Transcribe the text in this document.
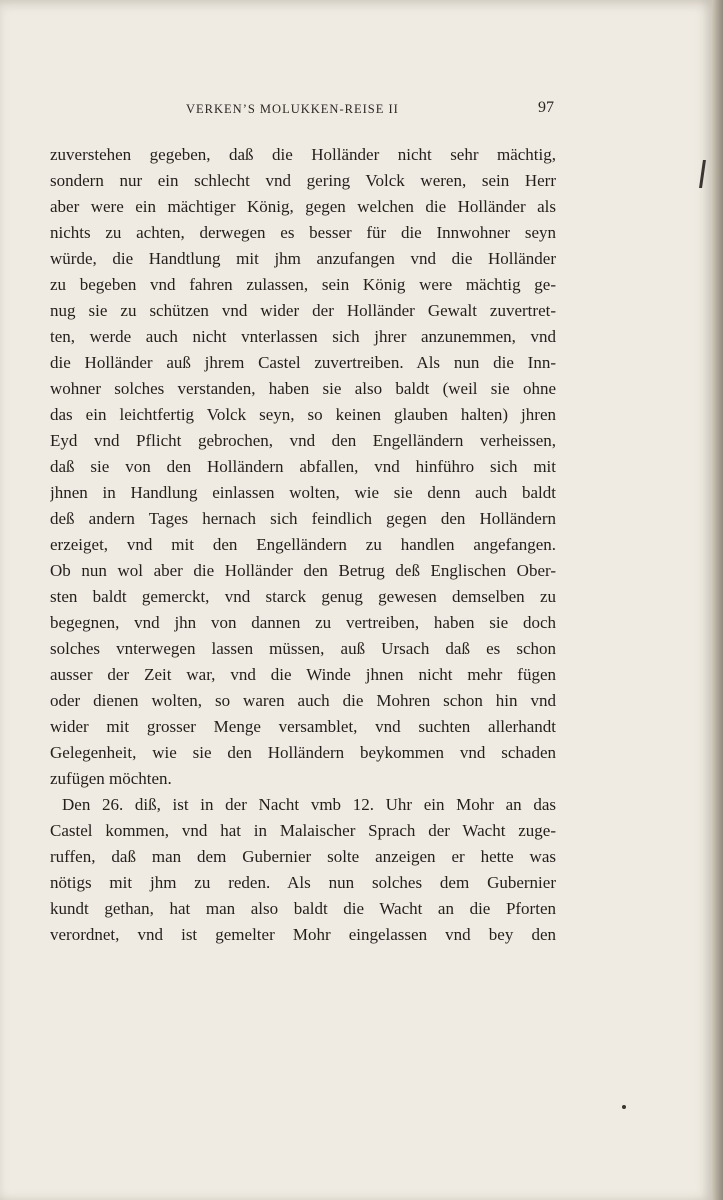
VERKEN’S MOLUKKEN-REISE II	97
zuverstehen gegeben, daß die Holländer nicht sehr mächtig,
sondern nur ein schlecht vnd gering Volck weren, sein Herr
aber were ein mächtiger König, gegen welchen die Holländer als
nichts zu achten, derwegen es besser für die Innwohner seyn
würde, die Handtlung mit jhm anzufangen vnd die Holländer
zu begeben vnd fahren zulassen, sein König were mächtig ge-
nug sie zu schützen vnd wider der Holländer Gewalt zuvertret-
ten, werde auch nicht vnterlassen sich jhrer anzunemmen, vnd
die Holländer auß jhrem Castel zuvertreiben. Als nun die Inn-
wohner solches verstanden, haben sie also baldt (weil sie ohne
das ein leichtfertig Volck seyn, so keinen glauben halten) jhren
Eyd vnd Pflicht gebrochen, vnd den Engelländern verheissen,
daß sie von den Holländern abfallen, vnd hinführo sich mit
jhnen in Handlung einlassen wolten, wie sie denn auch baldt
deß andern Tages hernach sich feindlich gegen den Holländern
erzeiget, vnd mit den Engelländern zu handlen angefangen.
Ob nun wol aber die Holländer den Betrug deß Englischen Ober-
sten baldt gemerckt, vnd starck genug gewesen demselben zu
begegnen, vnd jhn von dannen zu vertreiben, haben sie doch
solches vnterwegen lassen müssen, auß Ursach daß es schon
ausser der Zeit war, vnd die Winde jhnen nicht mehr fügen
oder dienen wolten, so waren auch die Mohren schon hin vnd
wider mit grosser Menge versamblet, vnd suchten allerhandt
Gelegenheit, wie sie den Holländern beykommen vnd schaden
zufügen möchten.
Den 26. diß, ist in der Nacht vmb 12. Uhr ein Mohr an das
Castel kommen, vnd hat in Malaischer Sprach der Wacht zuge-
ruffen, daß man dem Gubernier solte anzeigen er hette was
nötigs mit jhm zu reden. Als nun solches dem Gubernier
kundt gethan, hat man also baldt die Wacht an die Pforten
verordnet, vnd ist gemelter Mohr eingelassen vnd bey den
